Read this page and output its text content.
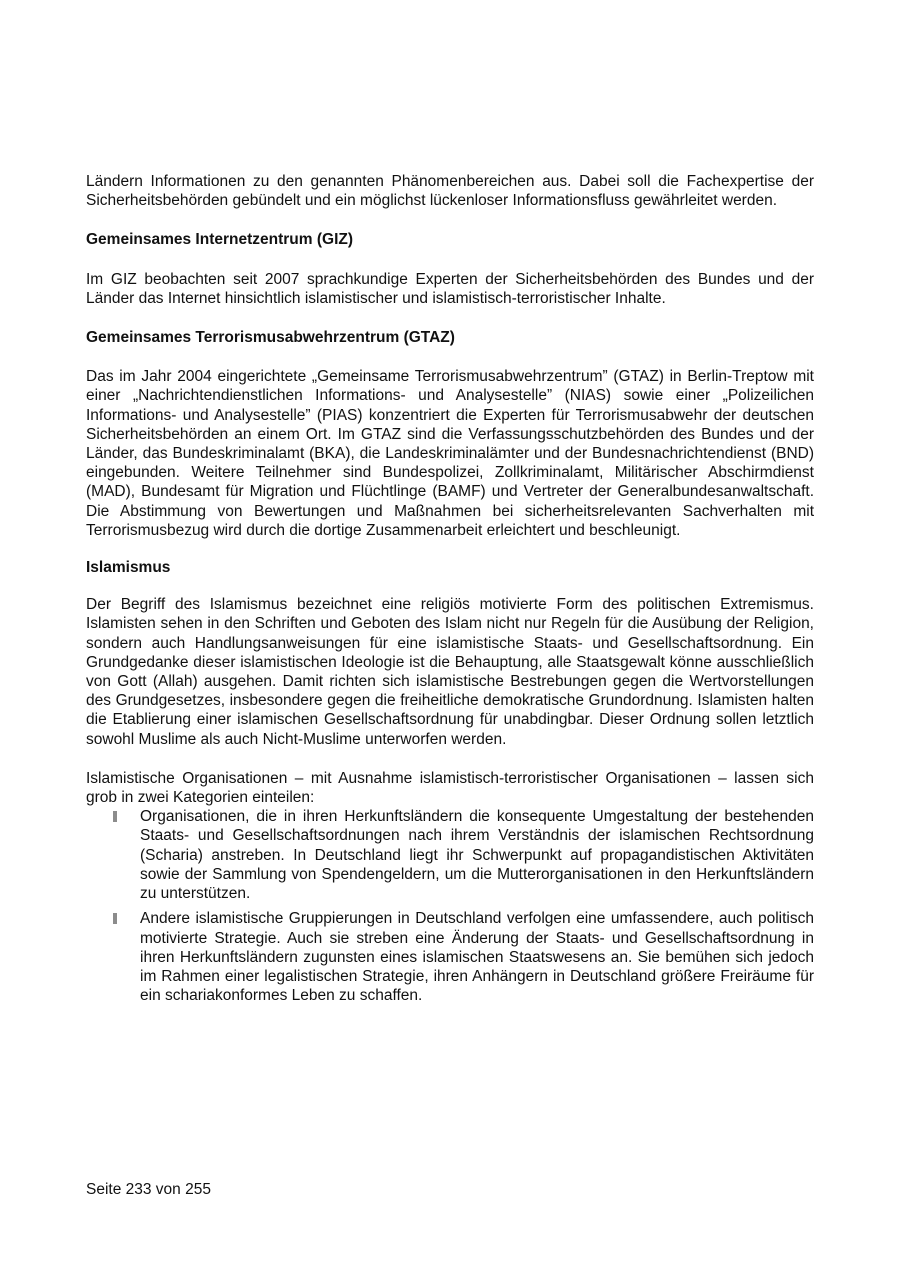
Ländern Informationen zu den genannten Phänomenbereichen aus. Dabei soll die Fachexpertise der Sicherheitsbehörden gebündelt und ein möglichst lückenloser Informationsfluss gewährleitet werden.

Gemeinsames Internetzentrum (GIZ)

Im GIZ beobachten seit 2007 sprachkundige Experten der Sicherheitsbehörden des Bundes und der Länder das Internet hinsichtlich islamistischer und islamistisch-terroristischer Inhalte.

Gemeinsames Terrorismusabwehrzentrum (GTAZ)

Das im Jahr 2004 eingerichtete „Gemeinsame Terrorismusabwehrzentrum” (GTAZ) in Berlin-Treptow mit einer „Nachrichtendienstlichen Informations- und Analysestelle” (NIAS) sowie einer „Polizeilichen Informations- und Analysestelle” (PIAS) konzentriert die Experten für Terrorismusabwehr der deutschen Sicherheitsbehörden an einem Ort. Im GTAZ sind die Verfassungsschutzbehörden des Bundes und der Länder, das Bundeskriminalamt (BKA), die Landeskriminalämter und der Bundesnachrichtendienst (BND) eingebunden. Weitere Teilnehmer sind Bundespolizei, Zollkriminalamt, Militärischer Abschirmdienst (MAD), Bundesamt für Migration und Flüchtlinge (BAMF) und Vertreter der Generalbundesanwaltschaft. Die Abstimmung von Bewertungen und Maßnahmen bei sicherheitsrelevanten Sachverhalten mit Terrorismusbezug wird durch die dortige Zusammenarbeit erleichtert und beschleunigt.

Islamismus

Der Begriff des Islamismus bezeichnet eine religiös motivierte Form des politischen Extremismus. Islamisten sehen in den Schriften und Geboten des Islam nicht nur Regeln für die Ausübung der Religion, sondern auch Handlungsanweisungen für eine islamistische Staats- und Gesellschaftsordnung. Ein Grundgedanke dieser islamistischen Ideologie ist die Behauptung, alle Staatsgewalt könne ausschließlich von Gott (Allah) ausgehen. Damit richten sich islamistische Bestrebungen gegen die Wertvorstellungen des Grundgesetzes, insbesondere gegen die freiheitliche demokratische Grundordnung. Islamisten halten die Etablierung einer islamischen Gesellschaftsordnung für unabdingbar. Dieser Ordnung sollen letztlich sowohl Muslime als auch Nicht-Muslime unterworfen werden.

Islamistische Organisationen – mit Ausnahme islamistisch-terroristischer Organisationen – lassen sich grob in zwei Kategorien einteilen:

Organisationen, die in ihren Herkunftsländern die konsequente Umgestaltung der bestehenden Staats- und Gesellschaftsordnungen nach ihrem Verständnis der islamischen Rechtsordnung (Scharia) anstreben. In Deutschland liegt ihr Schwerpunkt auf propagandistischen Aktivitäten sowie der Sammlung von Spendengeldern, um die Mutterorganisationen in den Herkunftsländern zu unterstützen.

Andere islamistische Gruppierungen in Deutschland verfolgen eine umfassendere, auch politisch motivierte Strategie. Auch sie streben eine Änderung der Staats- und Gesellschaftsordnung in ihren Herkunftsländern zugunsten eines islamischen Staatswesens an. Sie bemühen sich jedoch im Rahmen einer legalistischen Strategie, ihren Anhängern in Deutschland größere Freiräume für ein schariakonformes Leben zu schaffen.

Seite 233 von 255
